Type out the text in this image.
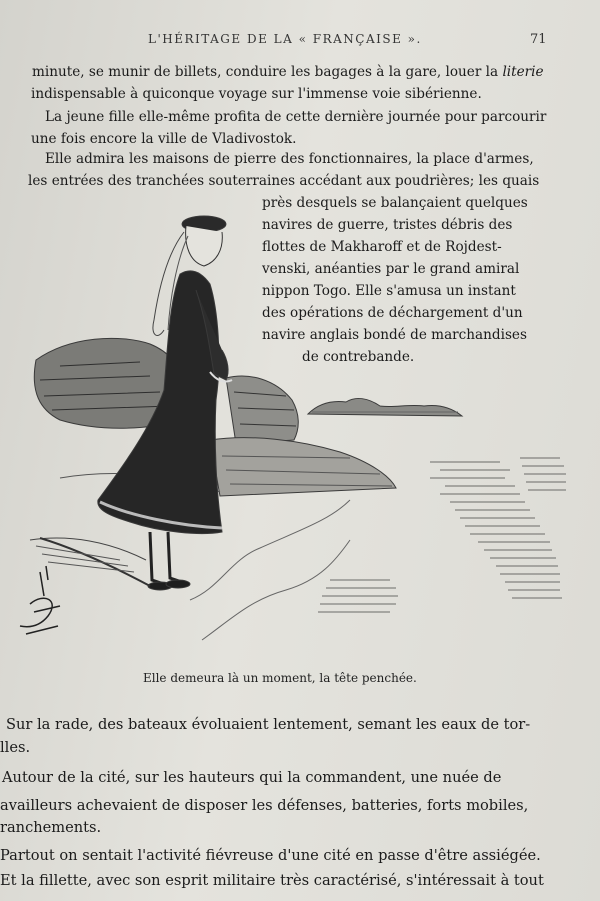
L'HÉRITAGE DE LA « FRANÇAISE ».	71
minute, se munir de billets, conduire les bagages à la gare, louer la literie
indispensable à quiconque voyage sur l'immense voie sibérienne.
La jeune fille elle-même profita de cette dernière journée pour parcourir
une fois encore la ville de Vladivostok.
Elle admira les maisons de pierre des fonctionnaires, la place d'armes,
les entrées des tranchées souterraines accédant aux poudrières; les quais
près desquels se balançaient quelques
navires de guerre, tristes débris des
flottes de Makharoff et de Rojdest-
venski, anéanties par le grand amiral
nippon Togo. Elle s'amusa un instant
des opérations de déchargement d'un
navire anglais bondé de marchandises
de contrebande.
Elle demeura là un moment, la tête penchée.
Sur la rade, des bateaux évoluaient lentement, semant les eaux de tor-
lles.
Autour de la cité, sur les hauteurs qui la commandent, une nuée de
availleurs achevaient de disposer les défenses, batteries, forts mobiles,
ranchements.
Partout on sentait l'activité fiévreuse d'une cité en passe d'être assiégée.
Et la fillette, avec son esprit militaire très caractérisé, s'intéressait à tout
